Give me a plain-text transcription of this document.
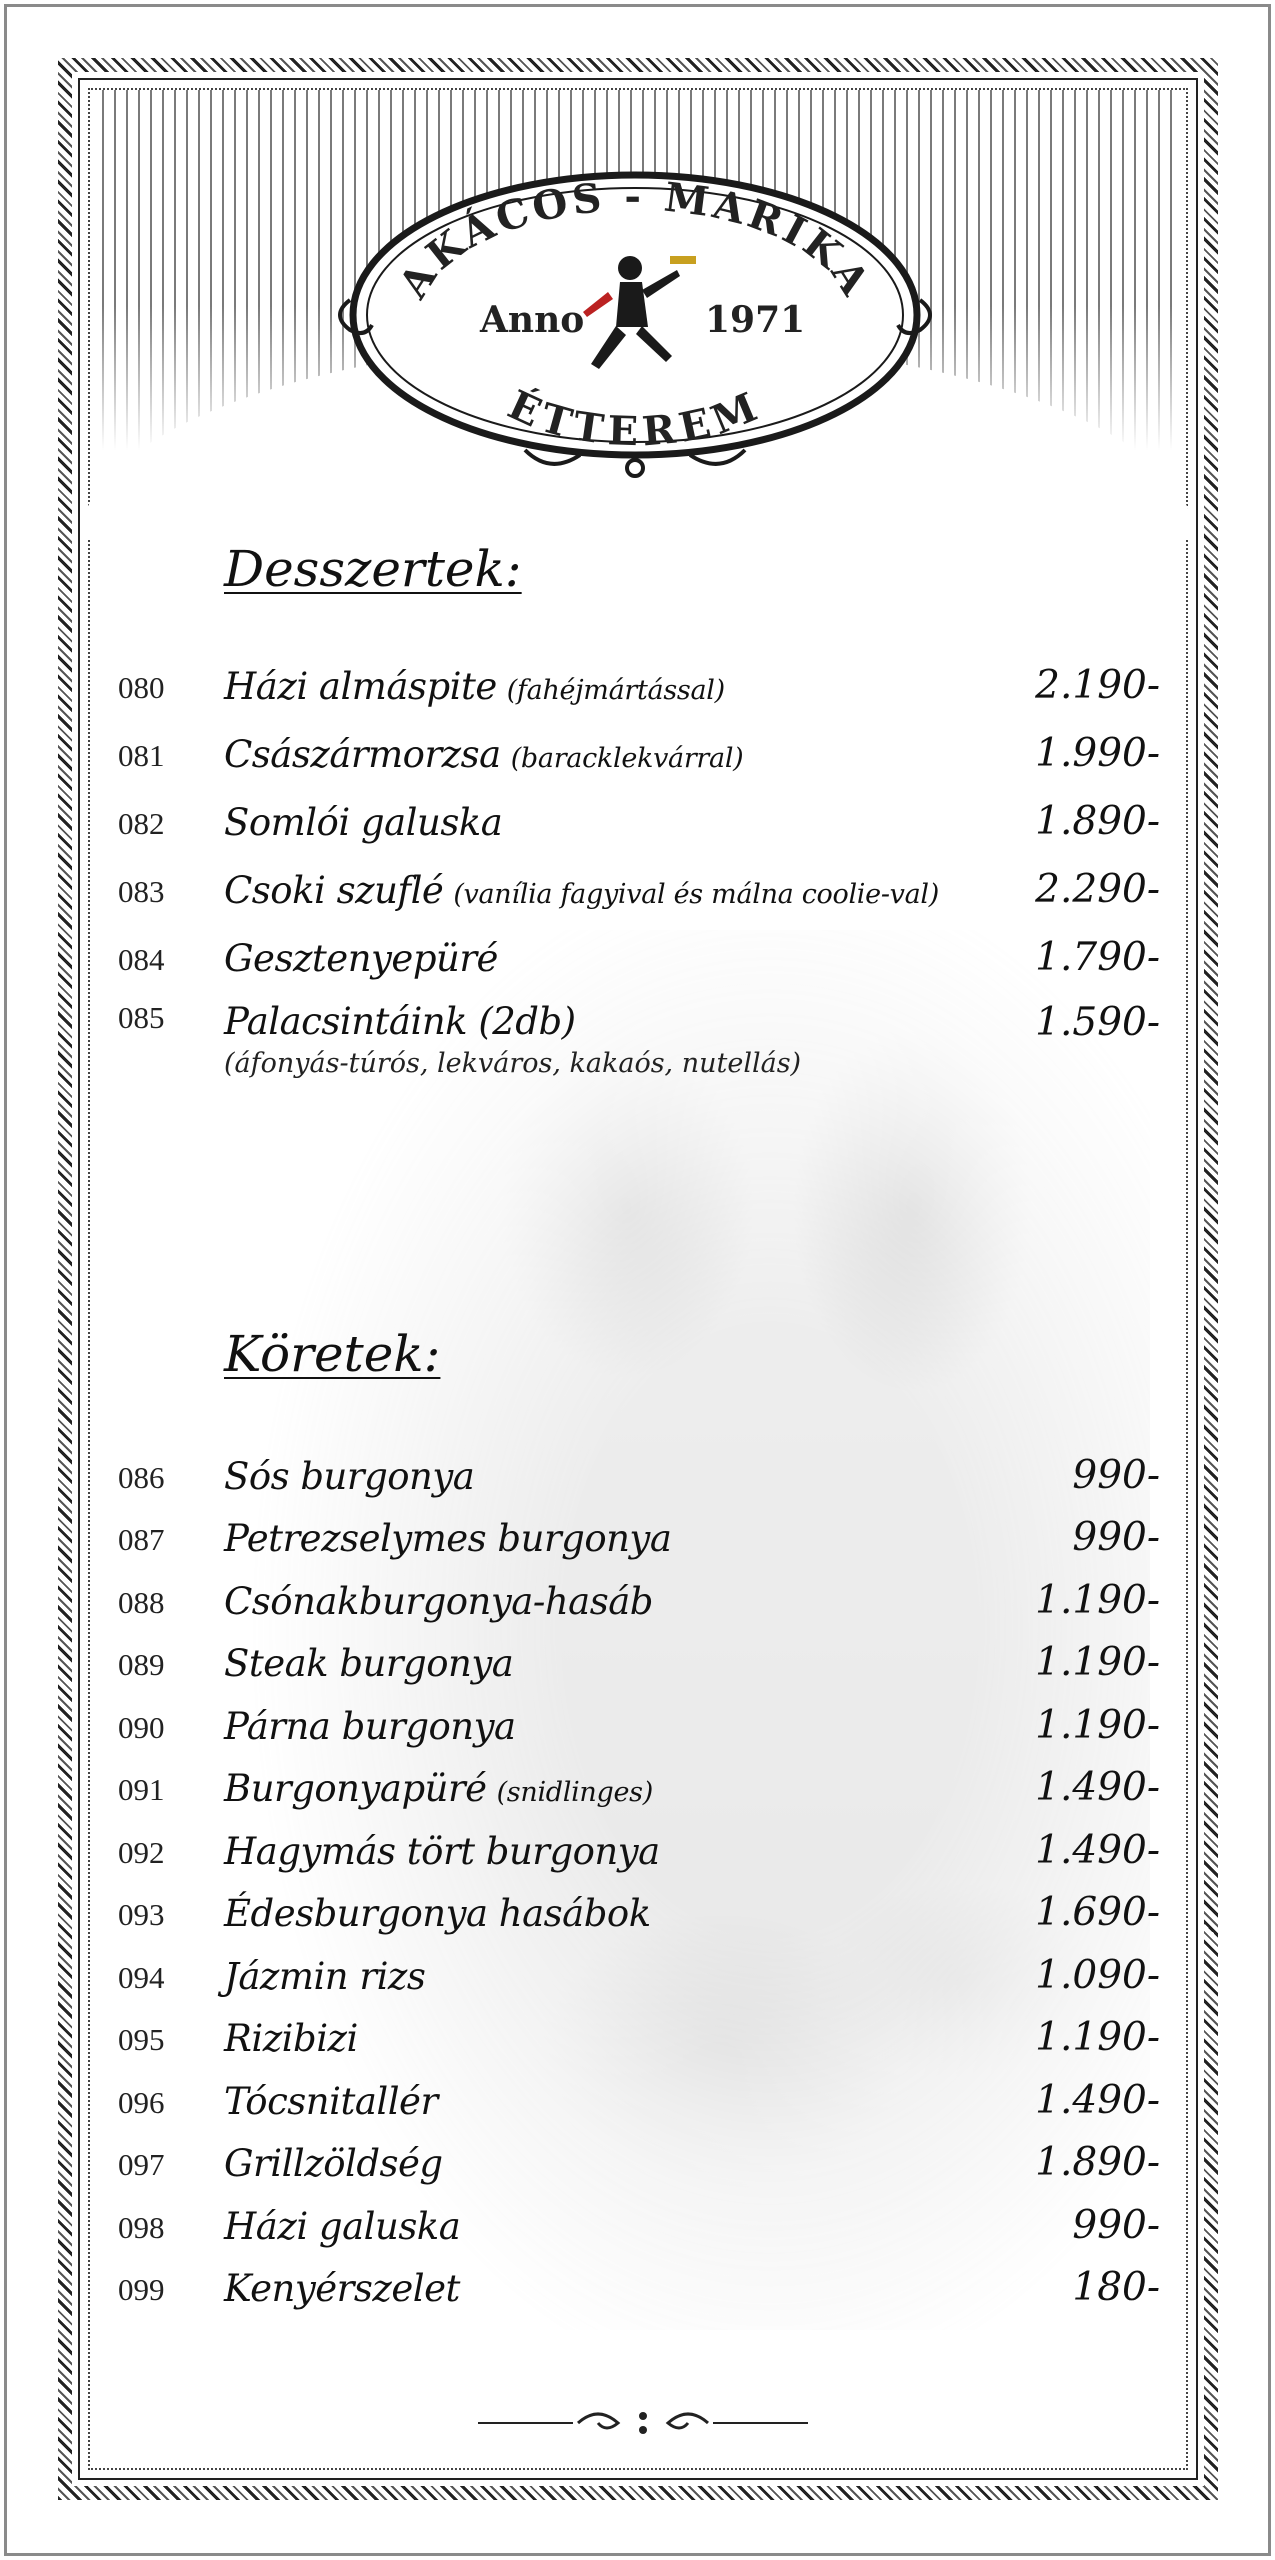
AKÁCOS - MARIKA
ÉTTEREM
Anno	1971
Desszertek:
080 Házi almáspite (fahéjmártással)	2.190-
081 Császármorzsa (baracklekvárral)	1.990-
082 Somlói galuska	1.890-
083 Csoki szuflé (vanília fagyival és málna coolie-val) 2.290-
084 Gesztenyepüré	1.790-
085 Palacsintáink (2db)
(áfonyás-túrós, lekváros, kakaós, nutellás)
1.590-
Köretek:
086 Sós burgonya	990-
087 Petrezselymes burgonya	990-
088 Csónakburgonya-hasáb	1.190-
089 Steak burgonya	1.190-
090 Párna burgonya	1.190-
091 Burgonyapüré (snidlinges)	1.490-
092 Hagymás tört burgonya	1.490-
093 Édesburgonya hasábok	1.690-
094 Jázmin rizs	1.090-
095 Rizibizi	1.190-
096 Tócsnitallér	1.490-
097 Grillzöldség	1.890-
098 Házi galuska	990-
099 Kenyérszelet	180-
